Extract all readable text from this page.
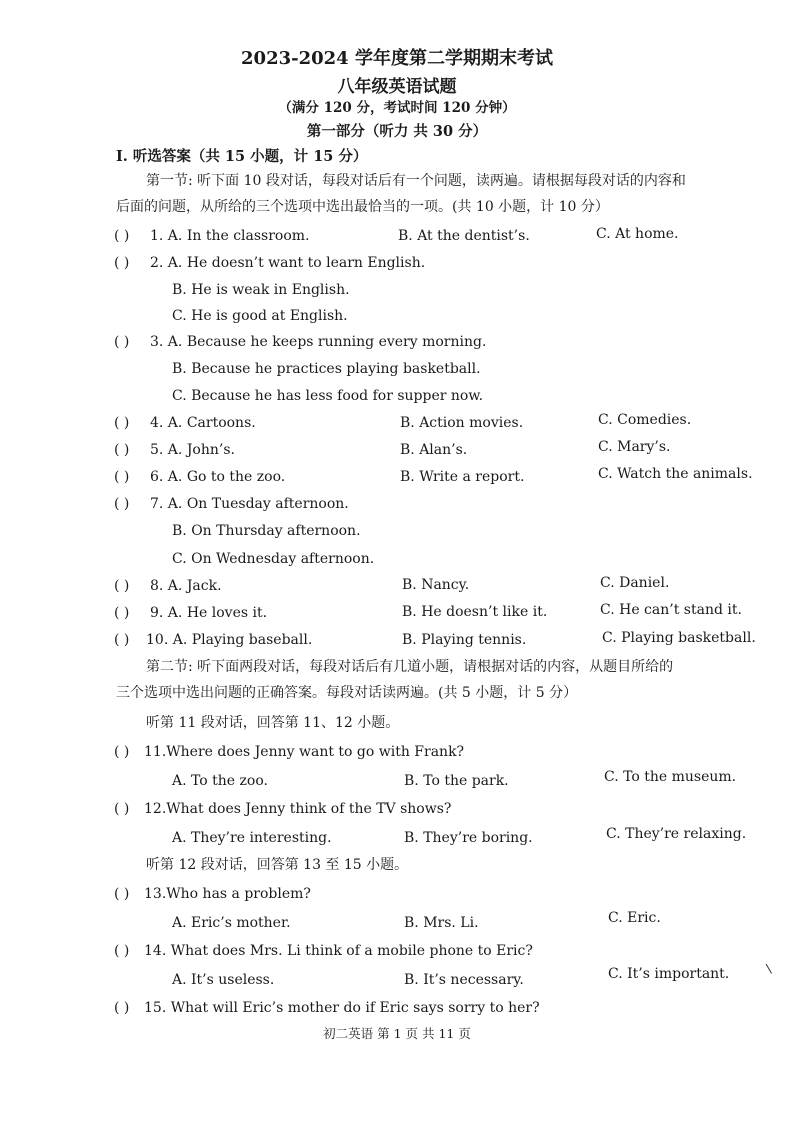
2023-2024 学年度第二学期期末考试
八年级英语试题
（满分 120 分，考试时间 120 分钟）
第一部分（听力 共 30 分）
I. 听选答案（共 15 小题，计 15 分）
第一节: 听下面 10 段对话，每段对话后有一个问题，读两遍。请根据每段对话的内容和
后面的问题，从所给的三个选项中选出最恰当的一项。(共 10 小题，计 10 分）
( ) 1. A. In the classroom.	B. At the dentist’s.	C. At home.
( ) 2. A. He doesn’t want to learn English.
B. He is weak in English.
C. He is good at English.
( ) 3. A. Because he keeps running every morning.
B. Because he practices playing basketball.
C. Because he has less food for supper now.
( ) 4. A. Cartoons.	B. Action movies.	C. Comedies.
( ) 5. A. John’s.	B. Alan’s.	C. Mary’s.
( ) 6. A. Go to the zoo.	B. Write a report.	C. Watch the animals.
( ) 7. A. On Tuesday afternoon.
B. On Thursday afternoon.
C. On Wednesday afternoon.
( ) 8. A. Jack.	B. Nancy.	C. Daniel.
( ) 9. A. He loves it.	B. He doesn’t like it.	C. He can’t stand it.
( ) 10. A. Playing baseball.	B. Playing tennis.	C. Playing basketball.
第二节: 听下面两段对话，每段对话后有几道小题，请根据对话的内容，从题目所给的
三个选项中选出问题的正确答案。每段对话读两遍。(共 5 小题，计 5 分）
听第 11 段对话，回答第 11、12 小题。
( ) 11.Where does Jenny want to go with Frank?
A. To the zoo.	B. To the park.	C. To the museum.
( ) 12.What does Jenny think of the TV shows?
A. They’re interesting.	B. They’re boring.	C. They’re relaxing.
听第 12 段对话，回答第 13 至 15 小题。
( ) 13.Who has a problem?
A. Eric’s mother.	B. Mrs. Li.	C. Eric.
( ) 14. What does Mrs. Li think of a mobile phone to Eric?
A. It’s useless.	B. It’s necessary.	C. It’s important.
( ) 15. What will Eric’s mother do if Eric says sorry to her?
初二英语 第 1 页 共 11 页
